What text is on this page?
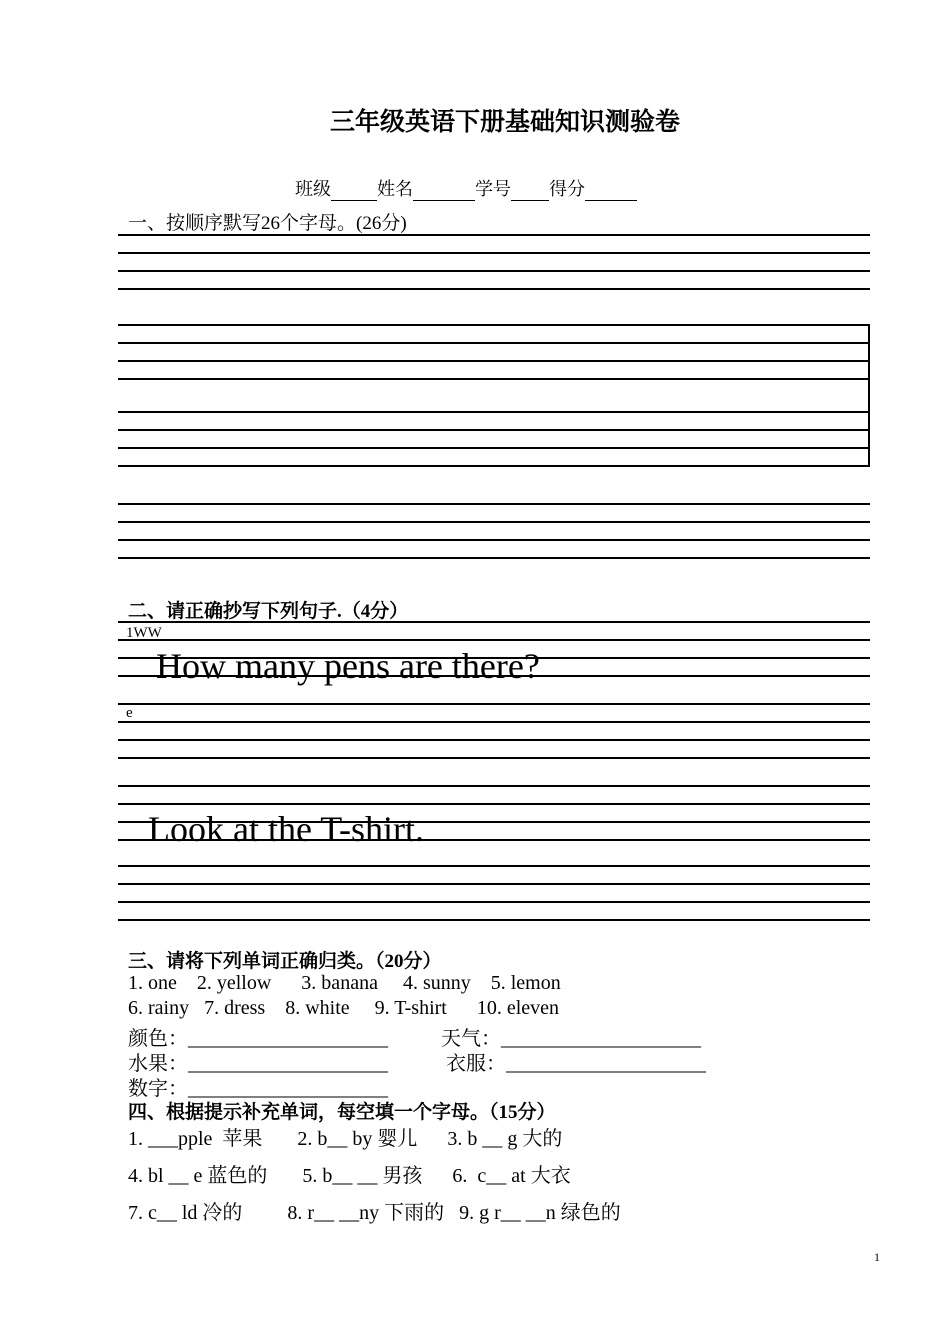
三年级英语下册基础知识测验卷
班级	姓名	学号 得分
一、按顺序默写26个字母。(26分)
二、请正确抄写下列句子.（4分）
1WW
e
How many pens are there?
Look at the T-shirt.
三、请将下列单词正确归类。（20分）
1. one    2. yellow      3. banana     4. sunny    5. lemon
6. rainy   7. dress    8. white     9. T-shirt      10. eleven
颜色：____________________	天气：____________________
水果：____________________	衣服：____________________
数字：____________________
四、根据提示补充单词，每空填一个字母。（15分）
1. ___pple  苹果       2. b__ by 婴儿      3. b __ g 大的
4. bl __ e 蓝色的       5. b__ __ 男孩      6.  c__ at 大衣
7. c__ ld 冷的         8. r__ __ny 下雨的   9. g r__ __n 绿色的
1
